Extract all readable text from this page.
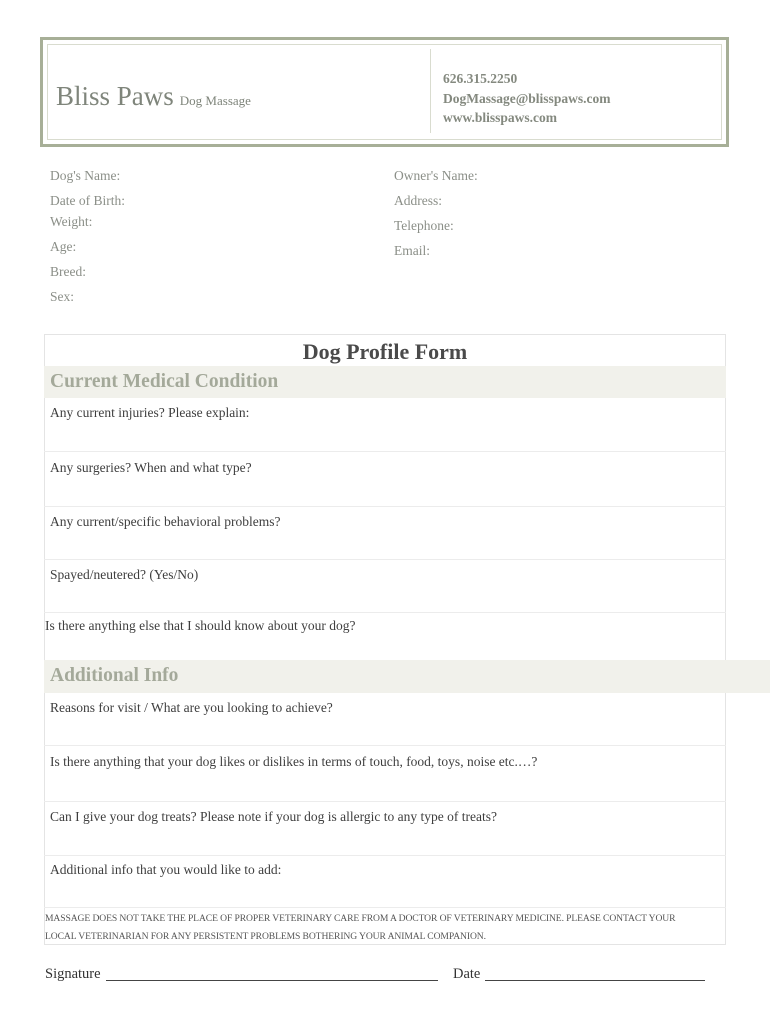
Bliss Paws Dog Massage
626.315.2250
DogMassage@blisspaws.com
www.blisspaws.com
Dog's Name:
Date of Birth:
Weight:
Age:
Breed:
Sex:
Owner's Name:
Address:
Telephone:
Email:
Dog Profile Form
Current Medical Condition
Any current injuries? Please explain:
Any surgeries? When and what type?
Any current/specific behavioral problems?
Spayed/neutered? (Yes/No)
Is there anything else that I should know about your dog?
Additional Info
Reasons for visit / What are you looking to achieve?
Is there anything that your dog likes or dislikes in terms of touch, food, toys, noise etc.…?
Can I give your dog treats? Please note if your dog is allergic to any type of treats?
Additional info that you would like to add:
MASSAGE DOES NOT TAKE THE PLACE OF PROPER VETERINARY CARE FROM A DOCTOR OF VETERINARY MEDICINE. PLEASE CONTACT YOUR
LOCAL VETERINARIAN FOR ANY PERSISTENT PROBLEMS BOTHERING YOUR ANIMAL COMPANION.
Signature	Date
